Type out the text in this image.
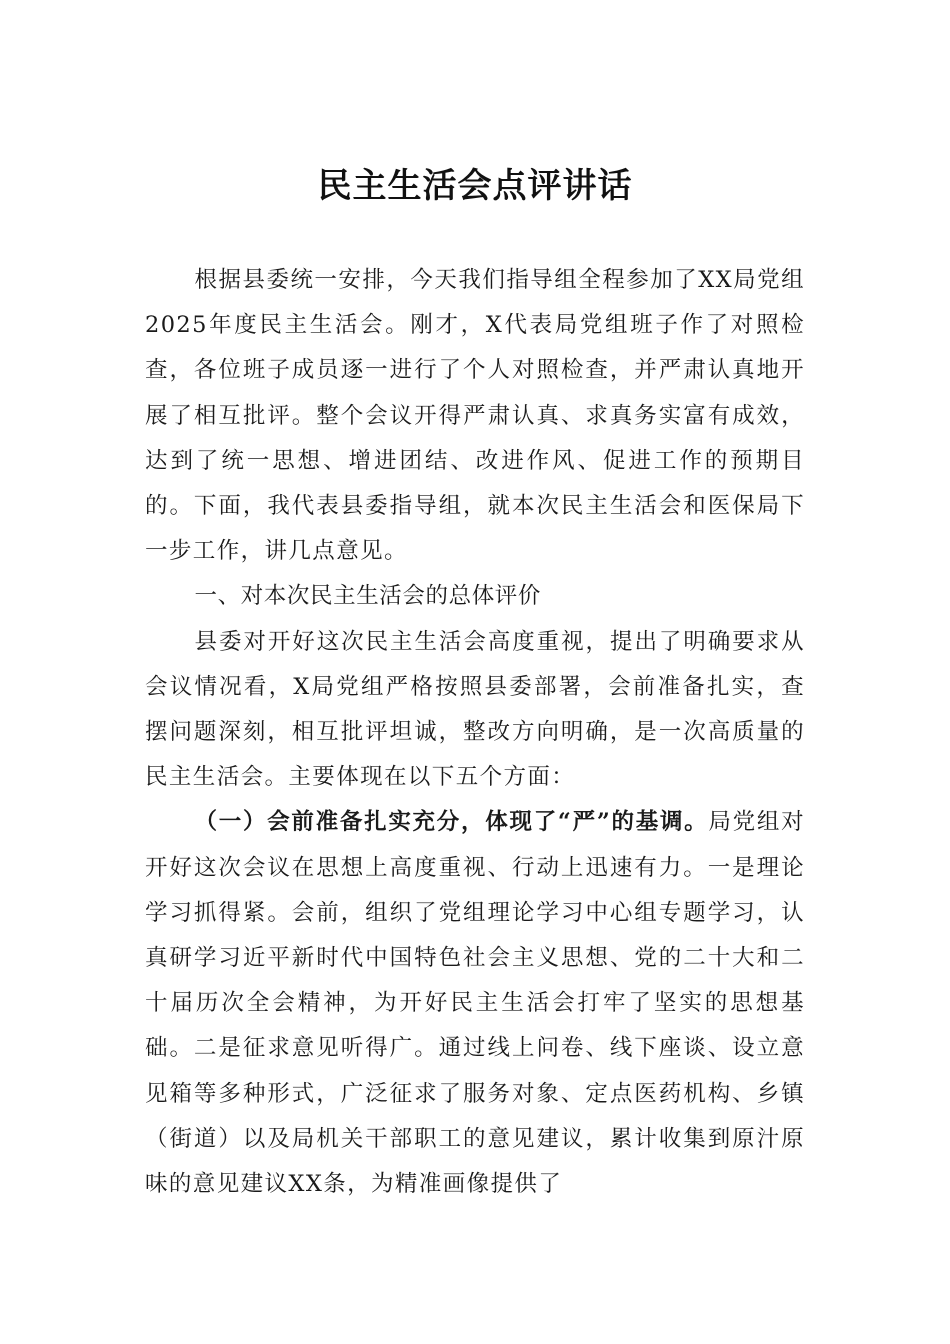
民主生活会点评讲话

根据县委统一安排，今天我们指导组全程参加了XX局党组2025年度民主生活会。刚才，X代表局党组班子作了对照检查，各位班子成员逐一进行了个人对照检查，并严肃认真地开展了相互批评。整个会议开得严肃认真、求真务实富有成效，达到了统一思想、增进团结、改进作风、促进工作的预期目的。下面，我代表县委指导组，就本次民主生活会和医保局下一步工作，讲几点意见。

一、对本次民主生活会的总体评价

县委对开好这次民主生活会高度重视，提出了明确要求从会议情况看，X局党组严格按照县委部署，会前准备扎实，查摆问题深刻，相互批评坦诚，整改方向明确，是一次高质量的民主生活会。主要体现在以下五个方面：

（一）会前准备扎实充分，体现了“严”的基调。局党组对开好这次会议在思想上高度重视、行动上迅速有力。一是理论学习抓得紧。会前，组织了党组理论学习中心组专题学习，认真研学习近平新时代中国特色社会主义思想、党的二十大和二十届历次全会精神，为开好民主生活会打牢了坚实的思想基础。二是征求意见听得广。通过线上问卷、线下座谈、设立意见箱等多种形式，广泛征求了服务对象、定点医药机构、乡镇（街道）以及局机关干部职工的意见建议，累计收集到原汁原味的意见建议XX条，为精准画像提供了
